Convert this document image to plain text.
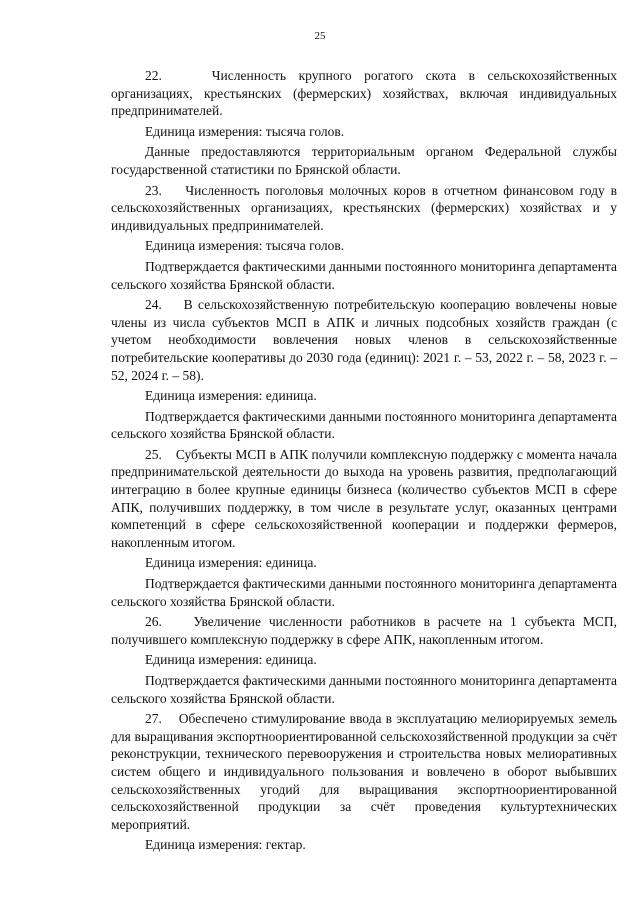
25

22.    Численность крупного рогатого скота в сельскохозяйственных организациях, крестьянских (фермерских) хозяйствах, включая индивидуальных предпринимателей.

Единица измерения: тысяча голов.

Данные предоставляются территориальным органом Федеральной службы государственной статистики по Брянской области.

23.    Численность поголовья молочных коров в отчетном финансовом году в сельскохозяйственных организациях, крестьянских (фермерских) хозяйствах и у индивидуальных предпринимателей.

Единица измерения: тысяча голов.

Подтверждается фактическими данными постоянного мониторинга департамента сельского хозяйства Брянской области.

24.    В сельскохозяйственную потребительскую кооперацию вовлечены новые члены из числа субъектов МСП в АПК и личных подсобных хозяйств граждан (с учетом необходимости вовлечения новых членов в сельскохозяйственные потребительские кооперативы до 2030 года (единиц): 2021 г. – 53, 2022 г. – 58, 2023 г. – 52, 2024 г. – 58).

Единица измерения: единица.

Подтверждается фактическими данными постоянного мониторинга департамента сельского хозяйства Брянской области.

25.    Субъекты МСП в АПК получили комплексную поддержку с момента начала предпринимательской деятельности до выхода на уровень развития, предполагающий интеграцию в более крупные единицы бизнеса (количество субъектов МСП в сфере АПК, получивших поддержку, в том числе в результате услуг, оказанных центрами компетенций в сфере сельскохозяйственной кооперации и поддержки фермеров, накопленным итогом.

Единица измерения: единица.

Подтверждается фактическими данными постоянного мониторинга департамента сельского хозяйства Брянской области.

26.    Увеличение численности работников в расчете на 1 субъекта МСП, получившего комплексную поддержку в сфере АПК, накопленным итогом.

Единица измерения: единица.

Подтверждается фактическими данными постоянного мониторинга департамента сельского хозяйства Брянской области.

27.    Обеспечено стимулирование ввода в эксплуатацию мелиорируемых земель для выращивания экспортноориентированной сельскохозяйственной продукции за счёт реконструкции, технического перевооружения и строительства новых мелиоративных систем общего и индивидуального пользования и вовлечено в оборот выбывших сельскохозяйственных угодий для выращивания экспортноориентированной сельскохозяйственной продукции за счёт проведения культуртехнических мероприятий.

Единица измерения: гектар.
